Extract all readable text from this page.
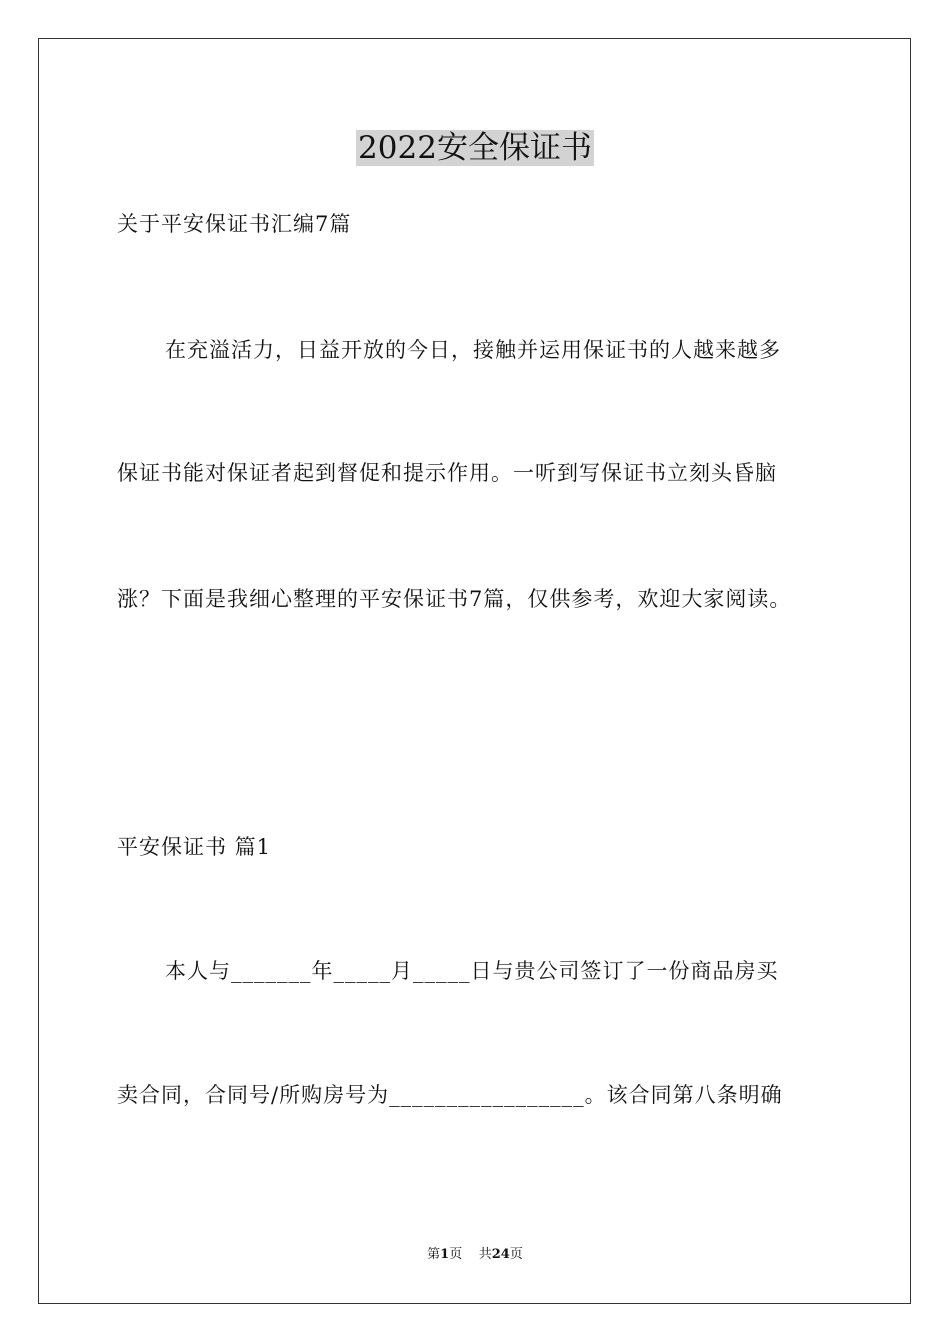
2022安全保证书
关于平安保证书汇编7篇
在充溢活力，日益开放的今日，接触并运用保证书的人越来越多
保证书能对保证者起到督促和提示作用。一听到写保证书立刻头昏脑
涨？下面是我细心整理的平安保证书7篇，仅供参考，欢迎大家阅读。
平安保证书 篇1
本人与_______年_____月_____日与贵公司签订了一份商品房买
卖合同，合同号/所购房号为_________________。该合同第八条明确
第1页    共24页
